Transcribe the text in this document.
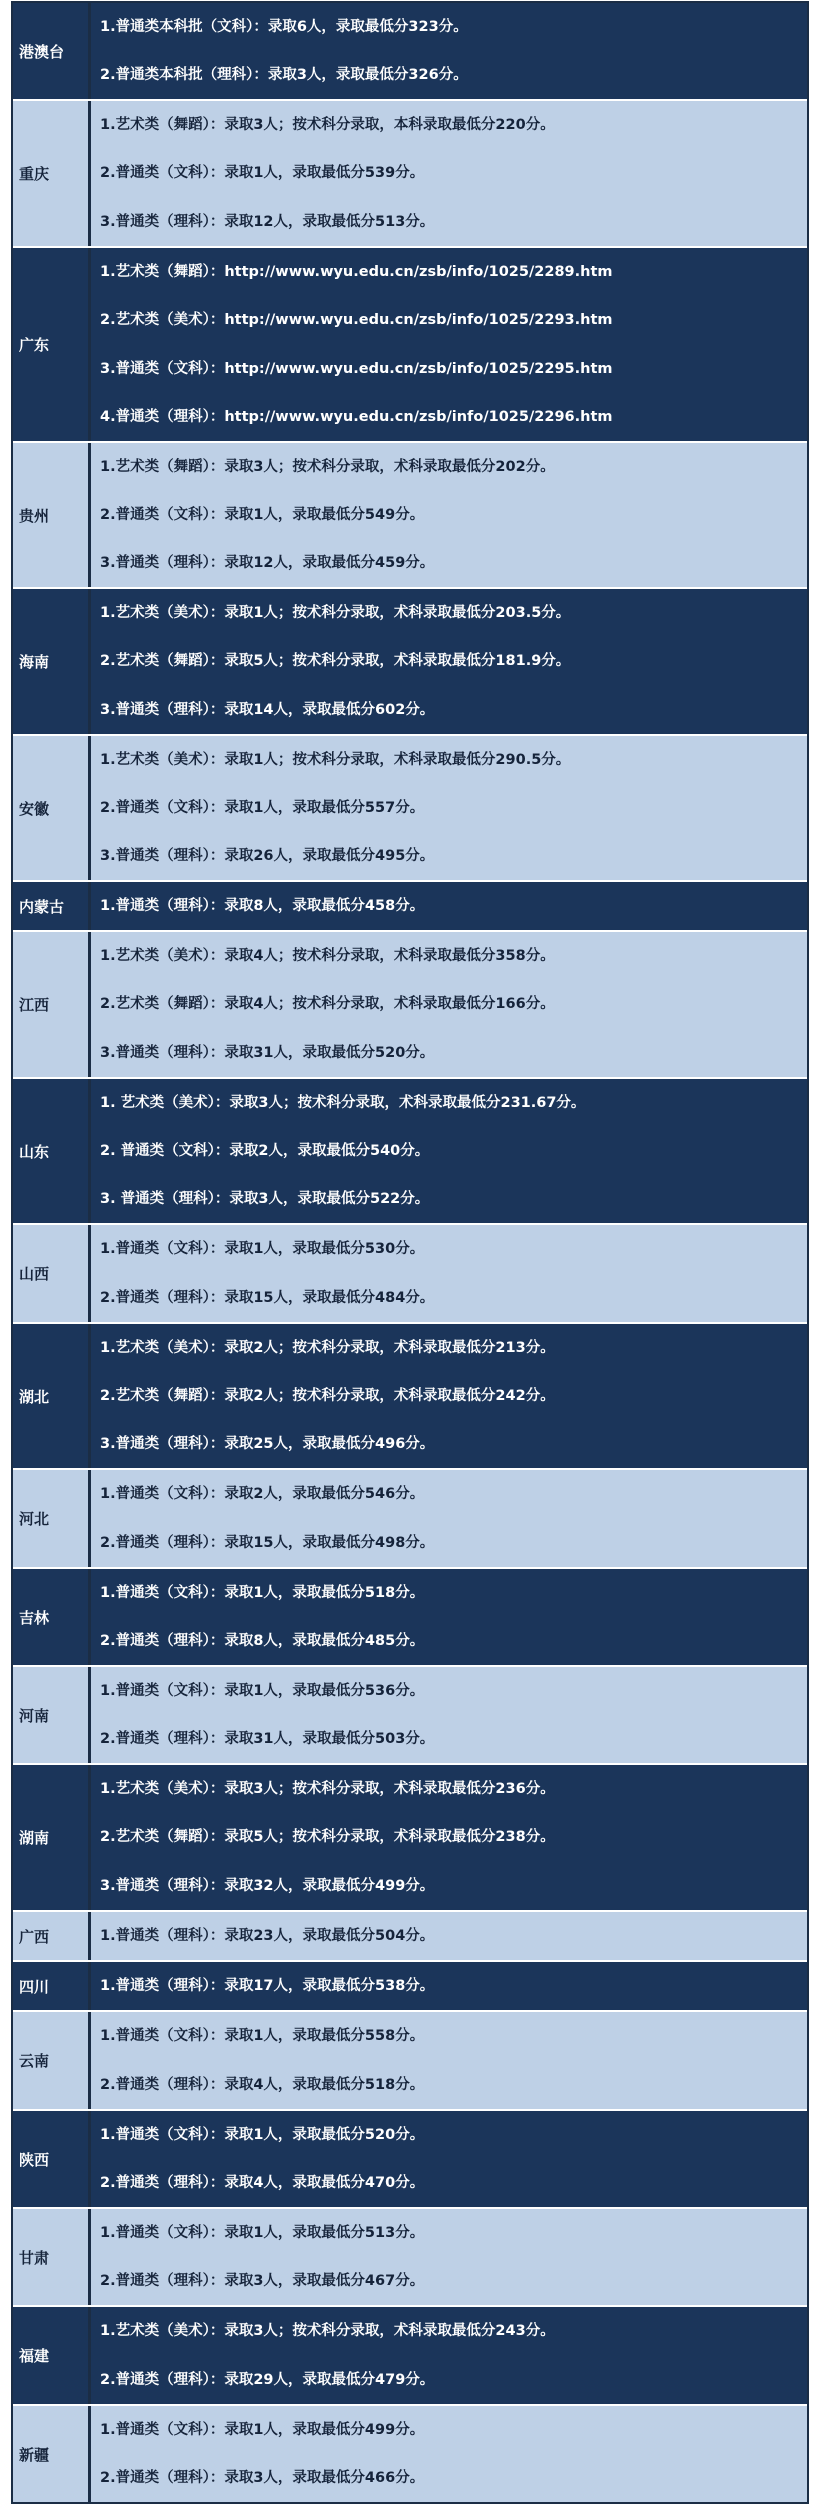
港澳台
1.普通类本科批（文科）：录取6人，录取最低分323分。
2.普通类本科批（理科）：录取3人，录取最低分326分。
重庆
1.艺术类（舞蹈）：录取3人；按术科分录取，本科录取最低分220分。
2.普通类（文科）：录取1人，录取最低分539分。
3.普通类（理科）：录取12人，录取最低分513分。
广东
1.艺术类（舞蹈）：http://www.wyu.edu.cn/zsb/info/1025/2289.htm
2.艺术类（美术）：http://www.wyu.edu.cn/zsb/info/1025/2293.htm
3.普通类（文科）：http://www.wyu.edu.cn/zsb/info/1025/2295.htm
4.普通类（理科）：http://www.wyu.edu.cn/zsb/info/1025/2296.htm
贵州
1.艺术类（舞蹈）：录取3人；按术科分录取，术科录取最低分202分。
2.普通类（文科）：录取1人，录取最低分549分。
3.普通类（理科）：录取12人，录取最低分459分。
海南
1.艺术类（美术）：录取1人；按术科分录取，术科录取最低分203.5分。
2.艺术类（舞蹈）：录取5人；按术科分录取，术科录取最低分181.9分。
3.普通类（理科）：录取14人，录取最低分602分。
安徽
1.艺术类（美术）：录取1人；按术科分录取，术科录取最低分290.5分。
2.普通类（文科）：录取1人，录取最低分557分。
3.普通类（理科）：录取26人，录取最低分495分。
内蒙古	1.普通类（理科）：录取8人，录取最低分458分。
江西
1.艺术类（美术）：录取4人；按术科分录取，术科录取最低分358分。
2.艺术类（舞蹈）：录取4人；按术科分录取，术科录取最低分166分。
3.普通类（理科）：录取31人，录取最低分520分。
山东
1. 艺术类（美术）：录取3人；按术科分录取，术科录取最低分231.67分。
2. 普通类（文科）：录取2人，录取最低分540分。
3. 普通类（理科）：录取3人，录取最低分522分。
山西
1.普通类（文科）：录取1人，录取最低分530分。
2.普通类（理科）：录取15人，录取最低分484分。
湖北
1.艺术类（美术）：录取2人；按术科分录取，术科录取最低分213分。
2.艺术类（舞蹈）：录取2人；按术科分录取，术科录取最低分242分。
3.普通类（理科）：录取25人，录取最低分496分。
河北
1.普通类（文科）：录取2人，录取最低分546分。
2.普通类（理科）：录取15人，录取最低分498分。
吉林
1.普通类（文科）：录取1人，录取最低分518分。
2.普通类（理科）：录取8人，录取最低分485分。
河南
1.普通类（文科）：录取1人，录取最低分536分。
2.普通类（理科）：录取31人，录取最低分503分。
湖南
1.艺术类（美术）：录取3人；按术科分录取，术科录取最低分236分。
2.艺术类（舞蹈）：录取5人；按术科分录取，术科录取最低分238分。
3.普通类（理科）：录取32人，录取最低分499分。
广西	1.普通类（理科）：录取23人，录取最低分504分。
四川	1.普通类（理科）：录取17人，录取最低分538分。
云南
1.普通类（文科）：录取1人，录取最低分558分。
2.普通类（理科）：录取4人，录取最低分518分。
陕西
1.普通类（文科）：录取1人，录取最低分520分。
2.普通类（理科）：录取4人，录取最低分470分。
甘肃
1.普通类（文科）：录取1人，录取最低分513分。
2.普通类（理科）：录取3人，录取最低分467分。
福建
1.艺术类（美术）：录取3人；按术科分录取，术科录取最低分243分。
2.普通类（理科）：录取29人，录取最低分479分。
新疆
1.普通类（文科）：录取1人，录取最低分499分。
2.普通类（理科）：录取3人，录取最低分466分。
